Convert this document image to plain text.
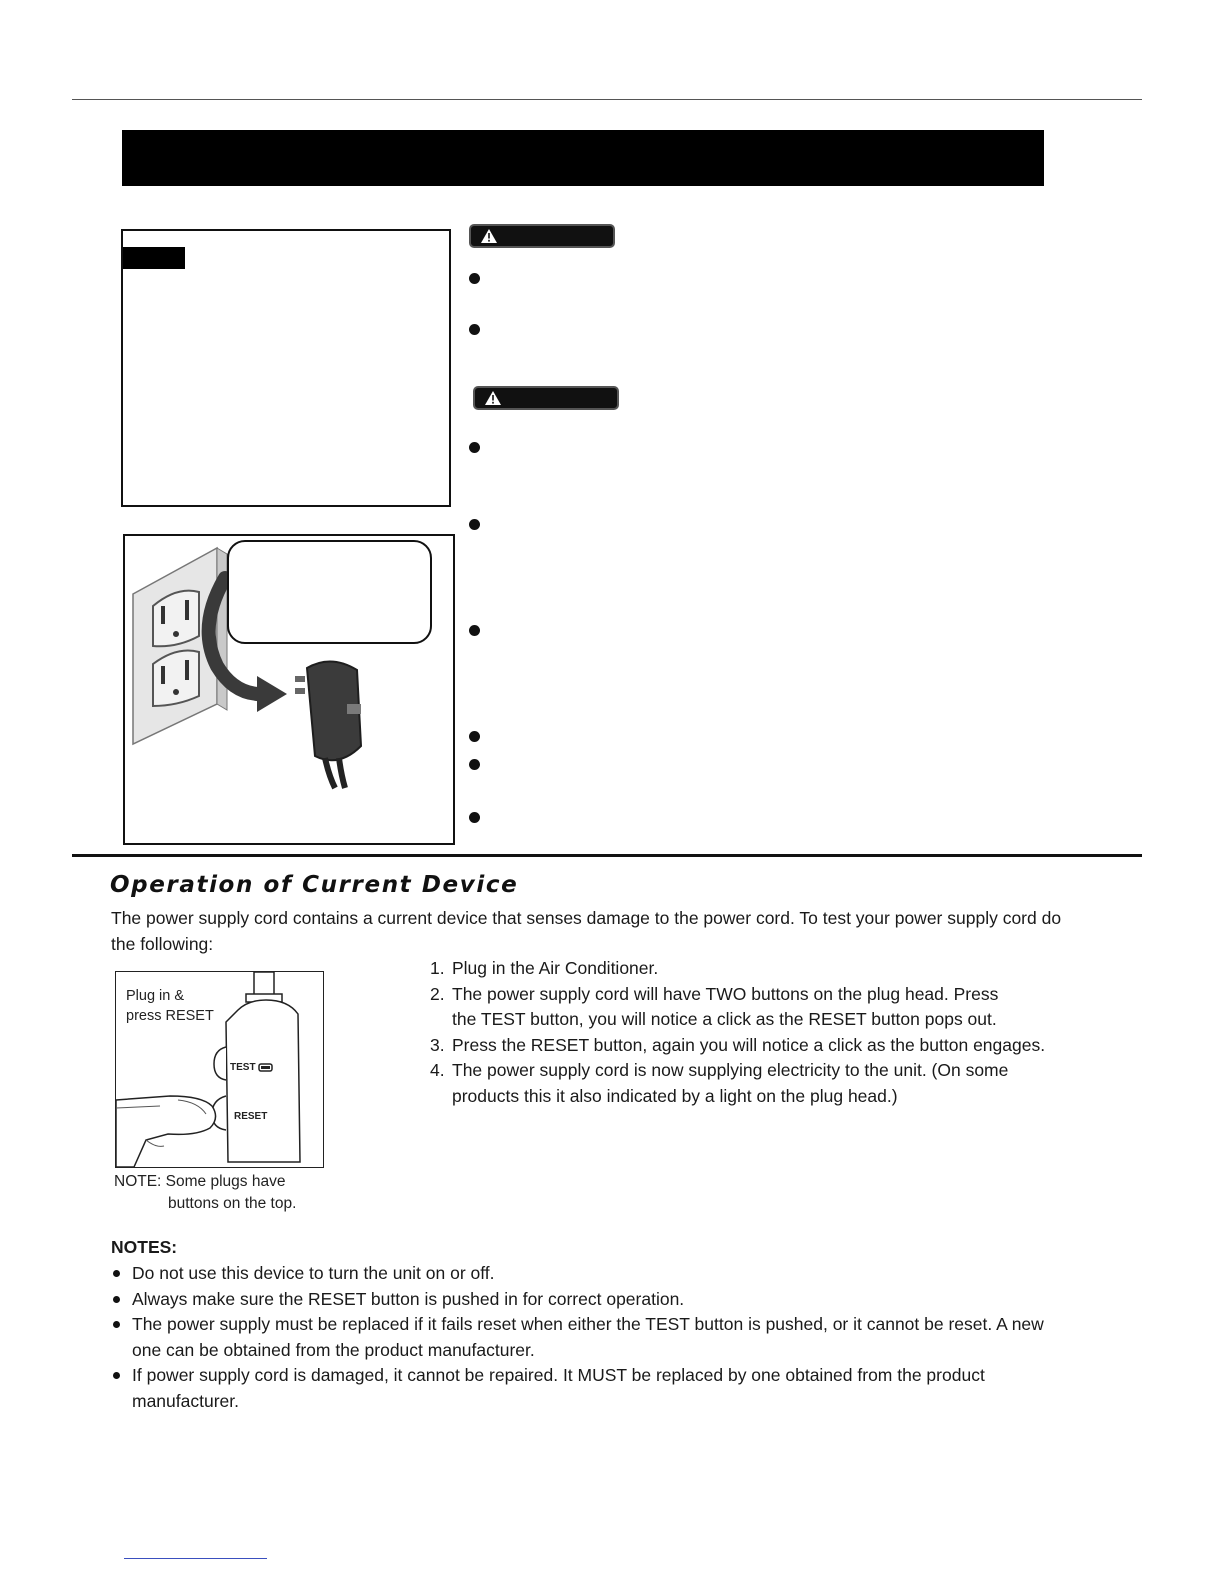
Operation of Current Device
The power supply cord contains a current device that senses damage to the power cord. To test your power supply cord do the following:
Plug in &
press RESET
TEST
RESET
NOTE: Some plugs have
buttons on the top.
1. Plug in the Air Conditioner.
2. The power supply cord will have TWO buttons on the plug head. Press the TEST button, you will notice a click as the RESET button pops out.
3. Press the RESET button, again you will notice a click as the button engages.
4. The power supply cord is now supplying electricity to the unit. (On some products this it also indicated by a light on the plug head.)
NOTES:
Do not use this device to turn the unit on or off.
Always make sure the RESET button is pushed in for correct operation.
The power supply must be replaced if it fails reset when either the TEST button is pushed, or it cannot be reset. A new one can be obtained from the product manufacturer.
If power supply cord is damaged, it cannot be repaired. It MUST be replaced by one obtained from the product manufacturer.
